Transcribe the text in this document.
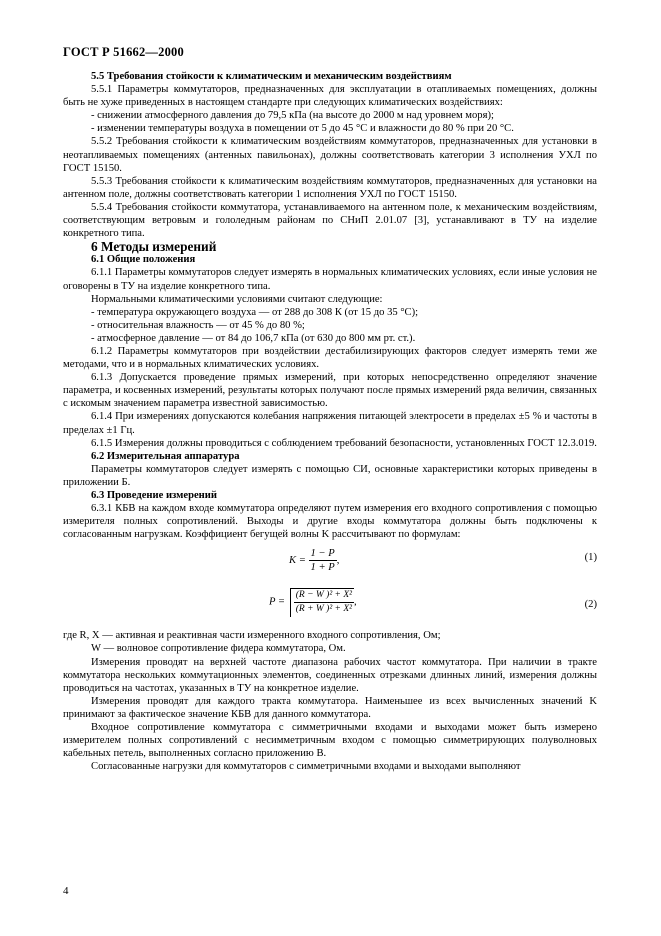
ГОСТ Р 51662—2000

5.5 Требования стойкости к климатическим и механическим воздействиям

5.5.1 Параметры коммутаторов, предназначенных для эксплуатации в отапливаемых помещениях, должны быть не хуже приведенных в настоящем стандарте при следующих климатических воздействиях:

- снижении атмосферного давления до 79,5 кПа (на высоте до 2000 м над уровнем моря);

- изменении температуры воздуха в помещении от 5 до 45 °С и влажности до 80 % при 20 °С.

5.5.2 Требования стойкости к климатическим воздействиям коммутаторов, предназначенных для установки в неотапливаемых помещениях (антенных павильонах), должны соответствовать категории 3 исполнения УХЛ по ГОСТ 15150.

5.5.3 Требования стойкости к климатическим воздействиям коммутаторов, предназначенных для установки на антенном поле, должны соответствовать категории 1 исполнения УХЛ по ГОСТ 15150.

5.5.4 Требования стойкости коммутатора, устанавливаемого на антенном поле, к механическим воздействиям, соответствующим ветровым и гололедным районам по СНиП 2.01.07 [3], устанавливают в ТУ на изделие конкретного типа.

6 Методы измерений

6.1 Общие положения

6.1.1 Параметры коммутаторов следует измерять в нормальных климатических условиях, если иные условия не оговорены в ТУ на изделие конкретного типа.

Нормальными климатическими условиями считают следующие:

- температура окружающего воздуха — от 288 до 308 К (от 15 до 35 °С);

- относительная влажность — от 45 % до 80 %;

- атмосферное давление — от 84 до 106,7 кПа (от 630 до 800 мм рт. ст.).

6.1.2 Параметры коммутаторов при воздействии дестабилизирующих факторов следует измерять теми же методами, что и в нормальных климатических условиях.

6.1.3 Допускается проведение прямых измерений, при которых непосредственно определяют значение параметра, и косвенных измерений, результаты которых получают после прямых измерений ряда величин, связанных с искомым значением параметра известной зависимостью.

6.1.4 При измерениях допускаются колебания напряжения питающей электросети в пределах ±5 % и частоты в пределах ±1 Гц.

6.1.5 Измерения должны проводиться с соблюдением требований безопасности, установленных ГОСТ 12.3.019.

6.2 Измерительная аппаратура

Параметры коммутаторов следует измерять с помощью СИ, основные характеристики которых приведены в приложении Б.

6.3 Проведение измерений

6.3.1 КБВ на каждом входе коммутатора определяют путем измерения его входного сопротивления с помощью измерителя полных сопротивлений. Выходы и другие входы коммутатора должны быть подключены к согласованным нагрузкам. Коэффициент бегущей волны K рассчитывают по формулам:

$K = \frac{1 - P}{1 + P}$ ,	(1)
$P = \frac{\text{(R − W )² + X²}}{\text{(R + W )² + X²}}$ ,	(2)

где R, X — активная и реактивная части измеренного входного сопротивления, Ом;

W — волновое сопротивление фидера коммутатора, Ом.

Измерения проводят на верхней частоте диапазона рабочих частот коммутатора. При наличии в тракте коммутатора нескольких коммутационных элементов, соединенных отрезками длинных линий, измерения должны проводиться на частотах, указанных в ТУ на конкретное изделие.

Измерения проводят для каждого тракта коммутатора. Наименьшее из всех вычисленных значений K принимают за фактическое значение КБВ для данного коммутатора.

Входное сопротивление коммутатора с симметричными входами и выходами может быть измерено измерителем полных сопротивлений с несимметричным входом с помощью симметрирующих полуволновых кабельных петель, выполненных согласно приложению В.

Согласованные нагрузки для коммутаторов с симметричными входами и выходами выполняют

4
